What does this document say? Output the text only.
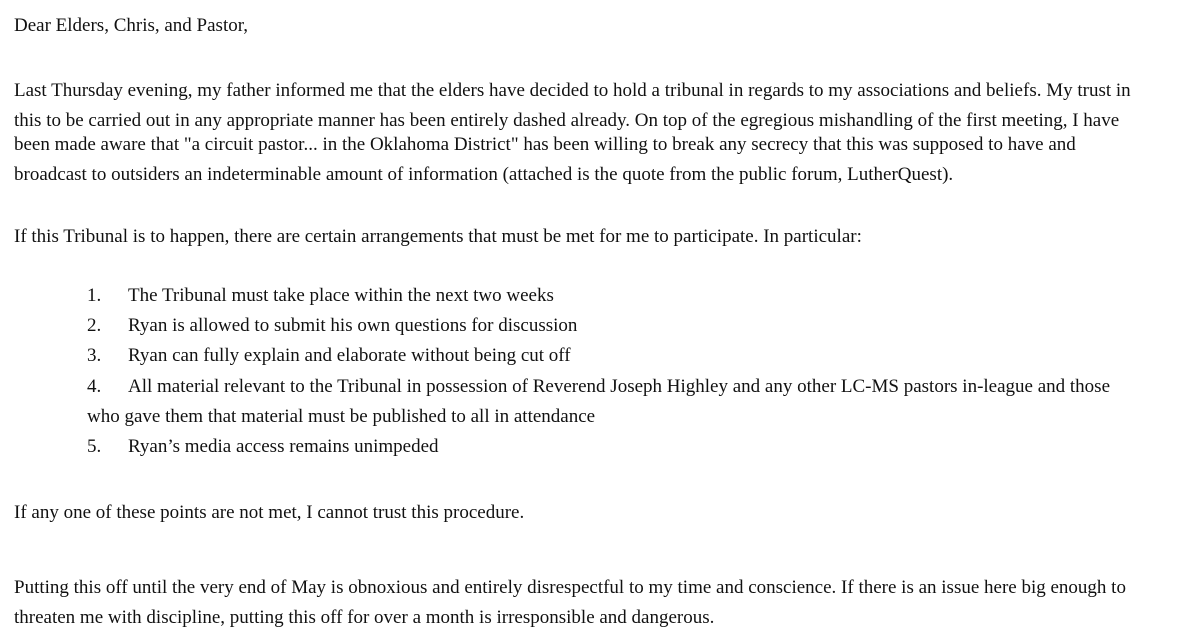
Dear Elders, Chris, and Pastor,
Last Thursday evening, my father informed me that the elders have decided to hold a tribunal in regards to my associations and beliefs. My trust in
this to be carried out in any appropriate manner has been entirely dashed already. On top of the egregious mishandling of the first meeting, I have
been made aware that "a circuit pastor... in the Oklahoma District" has been willing to break any secrecy that this was supposed to have and
broadcast to outsiders an indeterminable amount of information (attached is the quote from the public forum, LutherQuest).
If this Tribunal is to happen, there are certain arrangements that must be met for me to participate. In particular:
1. The Tribunal must take place within the next two weeks
2. Ryan is allowed to submit his own questions for discussion
3. Ryan can fully explain and elaborate without being cut off
4. All material relevant to the Tribunal in possession of Reverend Joseph Highley and any other LC-MS pastors in-league and those
who gave them that material must be published to all in attendance
5. Ryan’s media access remains unimpeded
If any one of these points are not met, I cannot trust this procedure.
Putting this off until the very end of May is obnoxious and entirely disrespectful to my time and conscience. If there is an issue here big enough to
threaten me with discipline, putting this off for over a month is irresponsible and dangerous.
